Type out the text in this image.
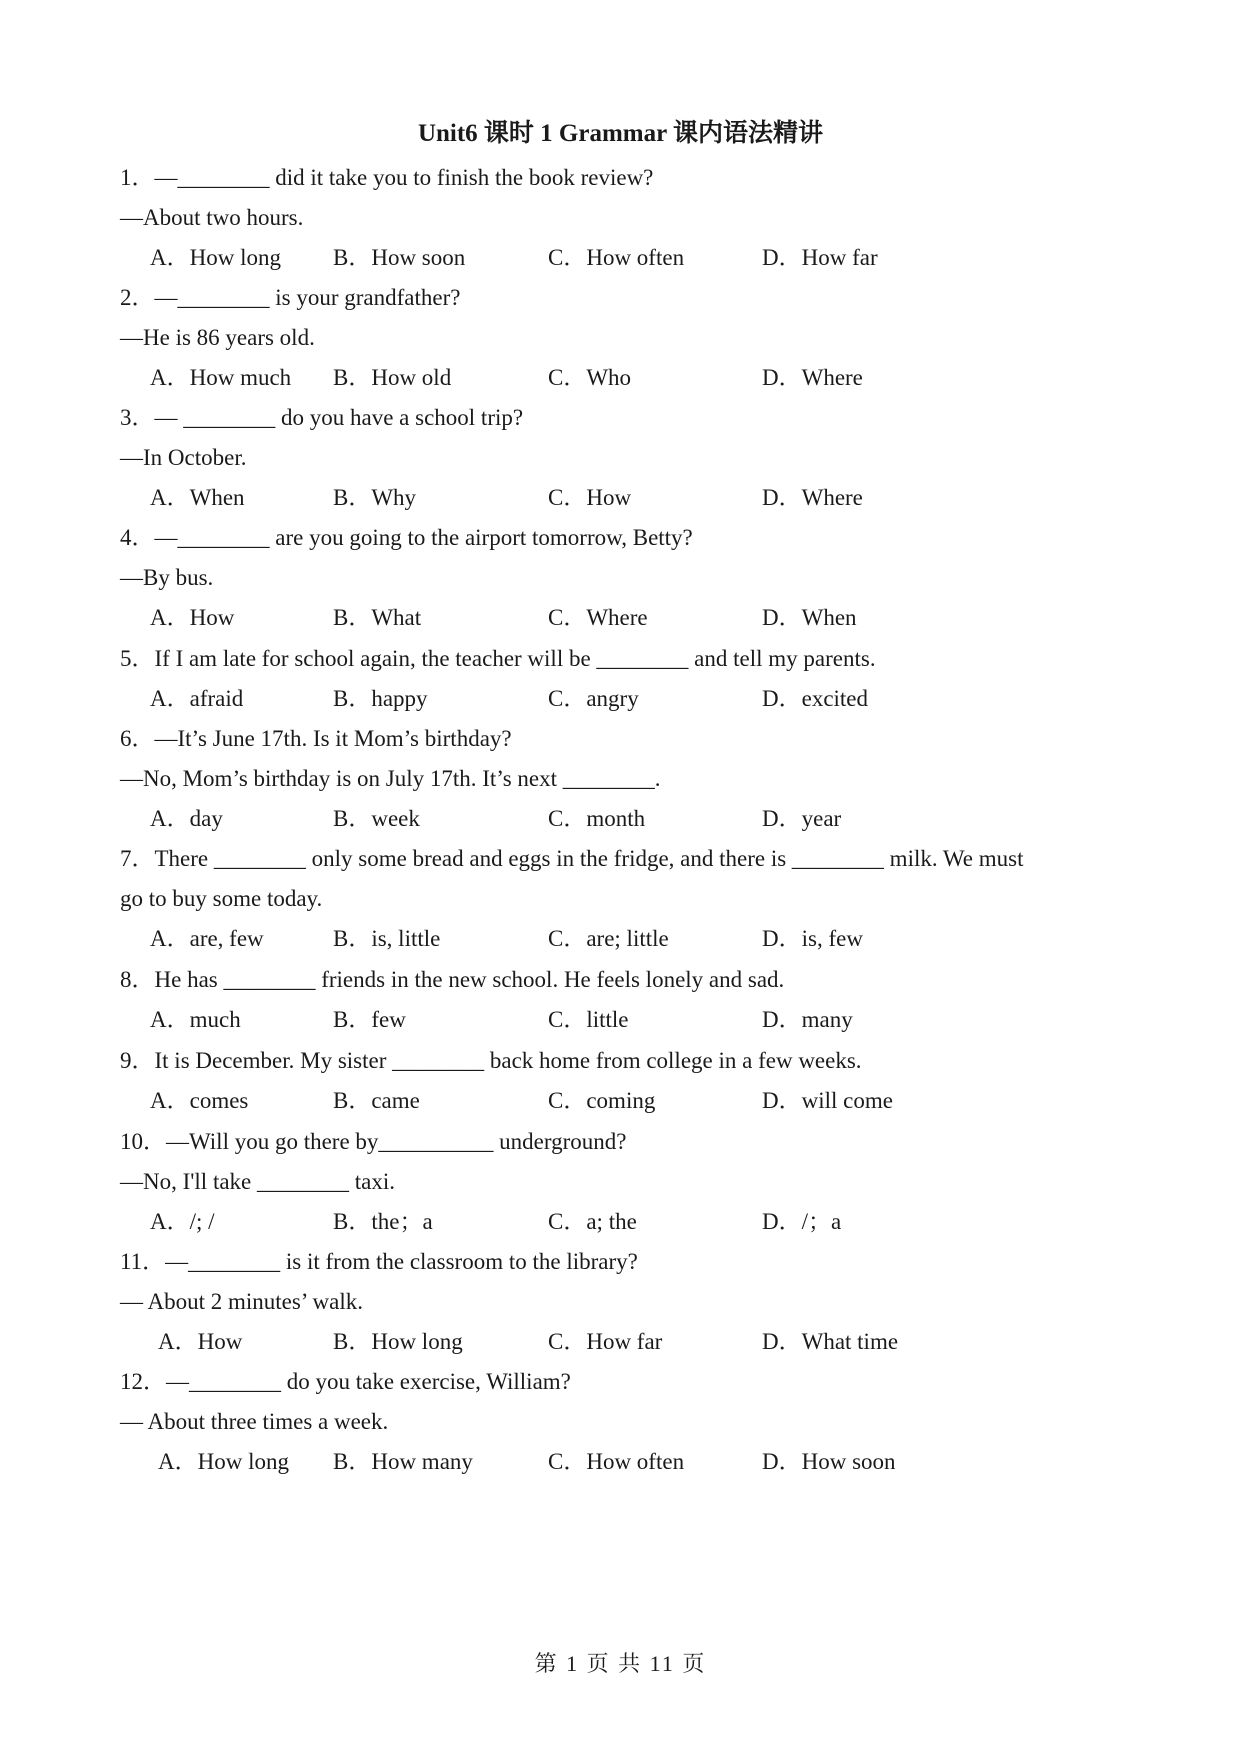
Unit6 课时 1 Grammar 课内语法精讲
1．—________ did it take you to finish the book review?
—About two hours.
A．How long B．How soon	C．How often	D．How far
2．—________ is your grandfather?
—He is 86 years old.
A．How much B．How old	C．Who	D．Where
3．— ________ do you have a school trip?
—In October.
A．When	B．Why	C．How	D．Where
4．—________ are you going to the airport tomorrow, Betty?
—By bus.
A．How	B．What	C．Where	D．When
5．If I am late for school again, the teacher will be ________ and tell my parents.
A．afraid	B．happy	C．angry	D．excited
6．—It’s June 17th. Is it Mom’s birthday?
—No, Mom’s birthday is on July 17th. It’s next ________.
A．day	B．week	C．month	D．year
7．There ________ only some bread and eggs in the fridge, and there is ________ milk. We must
go to buy some today.
A．are, few	B．is, little	C．are; little	D．is, few
8．He has ________ friends in the new school. He feels lonely and sad.
A．much	B．few	C．little	D．many
9．It is December. My sister ________ back home from college in a few weeks.
A．comes	B．came	C．coming	D．will come
10．—Will you go there by__________ underground?
—No, I'll take ________ taxi.
A．/; /	B．the；a	C．a; the	D．/；a
11．—________ is it from the classroom to the library?
— About 2 minutes’ walk.
A．How	B．How long	C．How far	D．What time
12．—________ do you take exercise, William?
— About three times a week.
A．How long B．How many	C．How often	D．How soon
第 1 页 共 11 页
